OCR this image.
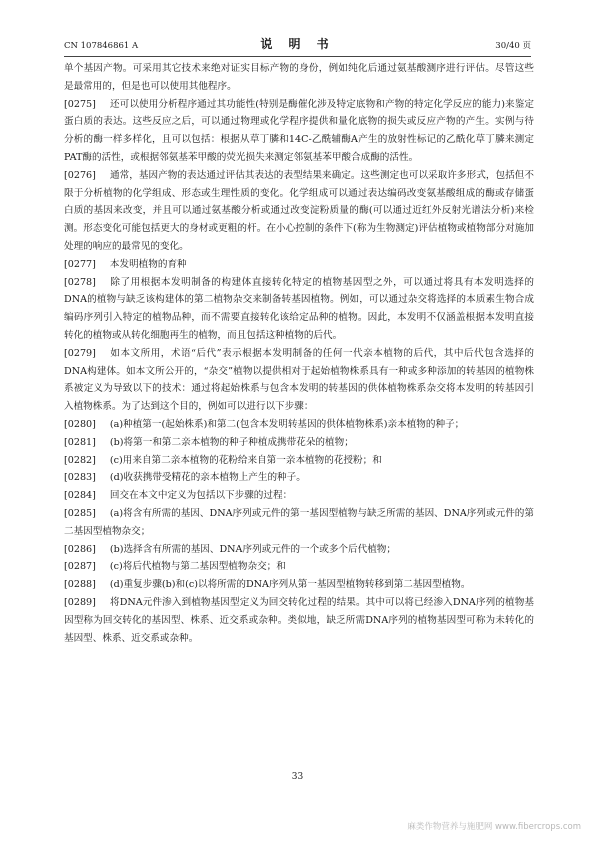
CN 107846861 A	说 明 书	30/40 页

单个基因产物。可采用其它技术来绝对证实目标产物的身份，例如纯化后通过氨基酸测序进行评估。尽管这些是最常用的，但是也可以使用其他程序。

[0275] 还可以使用分析程序通过其功能性(特别是酶催化涉及特定底物和产物的特定化学反应的能力)来鉴定蛋白质的表达。这些反应之后，可以通过物理或化学程序提供和量化底物的损失或反应产物的产生。实例与待分析的酶一样多样化，且可以包括：根据从草丁膦和14C-乙酰辅酶A产生的放射性标记的乙酰化草丁膦来测定PAT酶的活性，或根据邻氨基苯甲酸的荧光损失来测定邻氨基苯甲酸合成酶的活性。

[0276] 通常，基因产物的表达通过评估其表达的表型结果来确定。这些测定也可以采取许多形式，包括但不限于分析植物的化学组成、形态或生理性质的变化。化学组成可以通过表达编码改变氨基酸组成的酶或存储蛋白质的基因来改变，并且可以通过氨基酸分析或通过改变淀粉质量的酶(可以通过近红外反射光谱法分析)来检测。形态变化可能包括更大的身材或更粗的杆。在小心控制的条件下(称为生物测定)评估植物或植物部分对施加处理的响应的最常见的变化。

[0277] 本发明植物的育种

[0278] 除了用根据本发明制备的构建体直接转化特定的植物基因型之外，可以通过将具有本发明选择的DNA的植物与缺乏该构建体的第二植物杂交来制备转基因植物。例如，可以通过杂交将选择的本质素生物合成编码序列引入特定的植物品种，而不需要直接转化该给定品种的植物。因此，本发明不仅涵盖根据本发明直接转化的植物或从转化细胞再生的植物，而且包括这种植物的后代。

[0279] 如本文所用，术语“后代”表示根据本发明制备的任何一代亲本植物的后代，其中后代包含选择的DNA构建体。如本文所公开的，“杂交”植物以提供相对于起始植物株系具有一种或多种添加的转基因的植物株系被定义为导致以下的技术：通过将起始株系与包含本发明的转基因的供体植物株系杂交将本发明的转基因引入植物株系。为了达到这个目的，例如可以进行以下步骤：

[0280] (a)种植第一(起始株系)和第二(包含本发明转基因的供体植物株系)亲本植物的种子；

[0281] (b)将第一和第二亲本植物的种子种植成携带花朵的植物；

[0282] (c)用来自第二亲本植物的花粉给来自第一亲本植物的花授粉；和

[0283] (d)收获携带受精花的亲本植物上产生的种子。

[0284] 回交在本文中定义为包括以下步骤的过程：

[0285] (a)将含有所需的基因、DNA序列或元件的第一基因型植物与缺乏所需的基因、DNA序列或元件的第二基因型植物杂交；

[0286] (b)选择含有所需的基因、DNA序列或元件的一个或多个后代植物；

[0287] (c)将后代植物与第二基因型植物杂交；和

[0288] (d)重复步骤(b)和(c)以将所需的DNA序列从第一基因型植物转移到第二基因型植物。

[0289] 将DNA元件渗入到植物基因型定义为回交转化过程的结果。其中可以将已经渗入DNA序列的植物基因型称为回交转化的基因型、株系、近交系或杂种。类似地，缺乏所需DNA序列的植物基因型可称为未转化的基因型、株系、近交系或杂种。

33
麻类作物营养与施肥网 www.fibercrops.com
